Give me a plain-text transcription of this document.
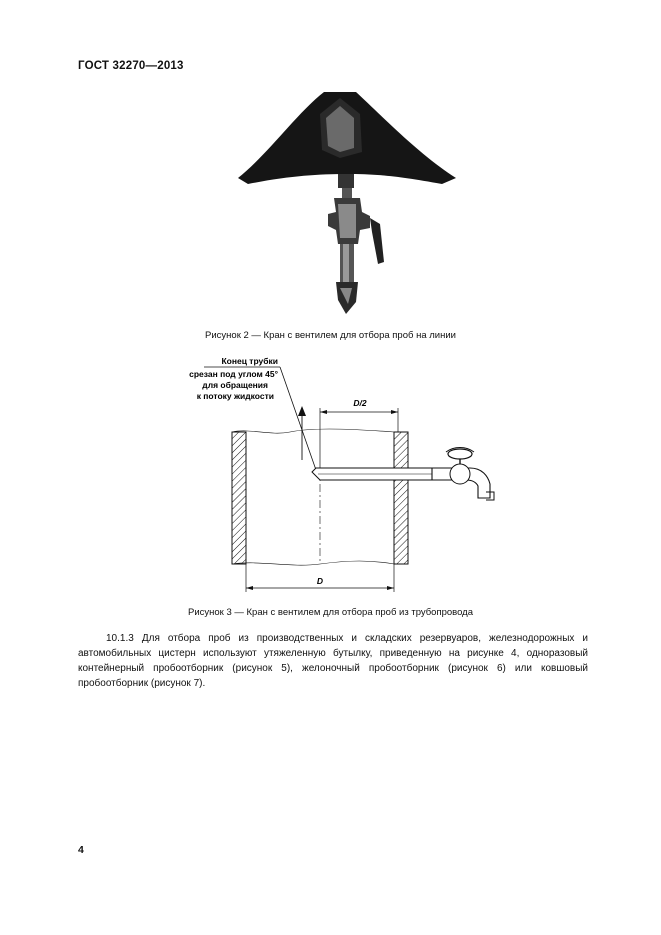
ГОСТ 32270—2013
Рисунок 2 — Кран с вентилем для отбора проб на линии
Конец трубки
срезан под углом 45°
для обращения
к потоку жидкости
D/2
D
Рисунок 3 — Кран с вентилем для отбора проб из трубопровода

10.1.3 Для отбора проб из производственных и складских резервуаров, железнодорожных и автомобильных цистерн используют утяжеленную бутылку, приведенную на рисунке 4, одноразовый контейнерный пробоотборник (рисунок 5), желоночный пробоотборник (рисунок 6) или ковшовый пробоотборник (рисунок 7).

4
